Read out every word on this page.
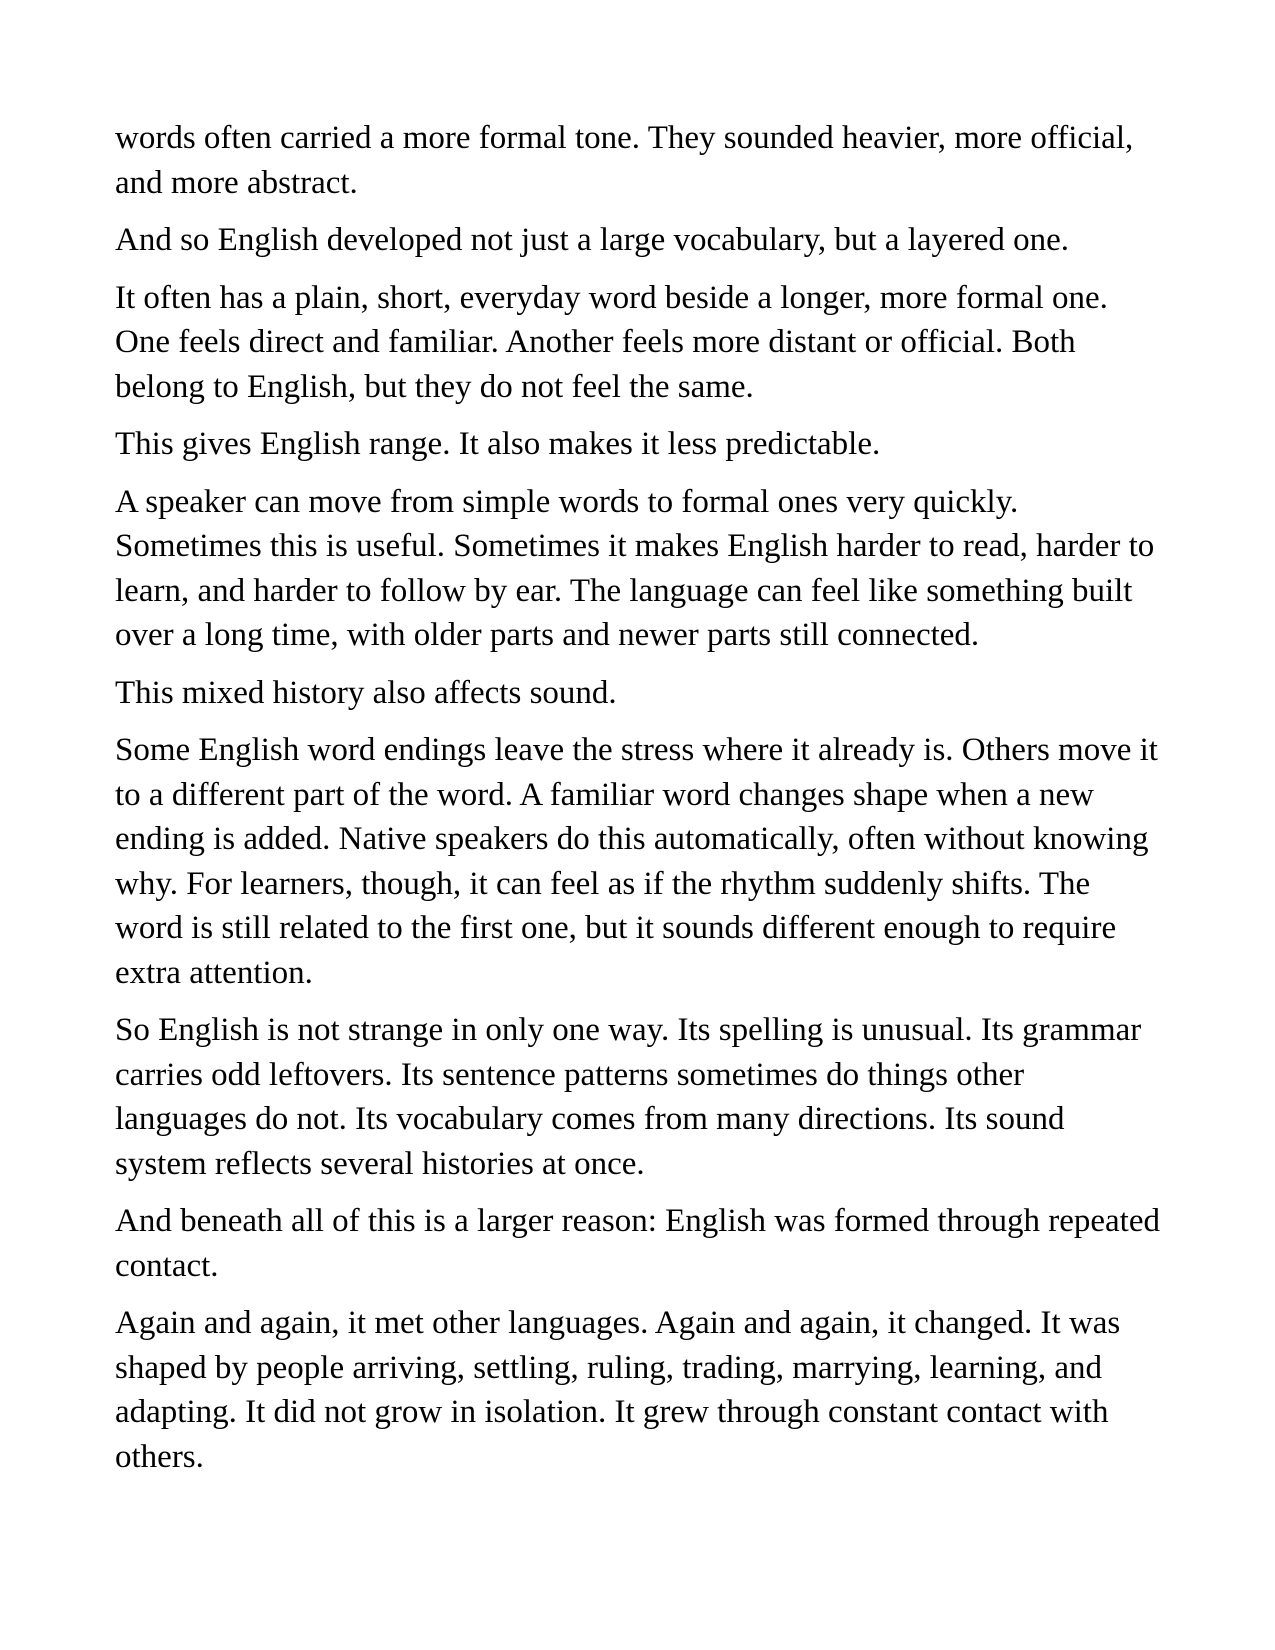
words often carried a more formal tone. They sounded heavier, more official, and more abstract.

And so English developed not just a large vocabulary, but a layered one.

It often has a plain, short, everyday word beside a longer, more formal one. One feels direct and familiar. Another feels more distant or official. Both belong to English, but they do not feel the same.

This gives English range. It also makes it less predictable.

A speaker can move from simple words to formal ones very quickly. Sometimes this is useful. Sometimes it makes English harder to read, harder to learn, and harder to follow by ear. The language can feel like something built over a long time, with older parts and newer parts still connected.

This mixed history also affects sound.

Some English word endings leave the stress where it already is. Others move it to a different part of the word. A familiar word changes shape when a new ending is added. Native speakers do this automatically, often without knowing why. For learners, though, it can feel as if the rhythm suddenly shifts. The word is still related to the first one, but it sounds different enough to require extra attention.

So English is not strange in only one way. Its spelling is unusual. Its grammar carries odd leftovers. Its sentence patterns sometimes do things other languages do not. Its vocabulary comes from many directions. Its sound system reflects several histories at once.

And beneath all of this is a larger reason: English was formed through repeated contact.

Again and again, it met other languages. Again and again, it changed. It was shaped by people arriving, settling, ruling, trading, marrying, learning, and adapting. It did not grow in isolation. It grew through constant contact with others.
